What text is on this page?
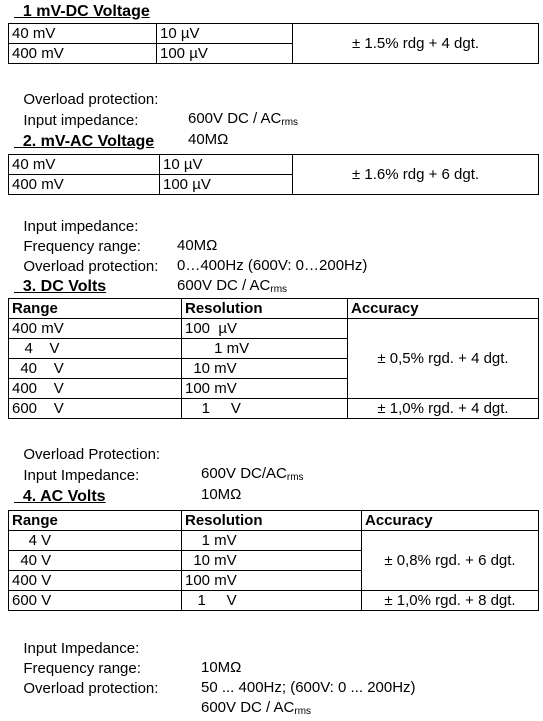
1 mV-DC Voltage
40 mV	10 µV	± 1.5% rdg + 4 dgt.
400 mV	100 µV	

Overload protection:

600V DC / $AC_{rms}$

Input impedance:

40MΩ

2. mV-AC Voltage
40 mV	10 µV	± 1.6% rdg + 6 dgt.
400 mV	100 µV	

Input impedance:

40MΩ

Frequency range:

0…400Hz (600V: 0…200Hz)

Overload protection:

600V DC / $AC_{rms}$

3. DC Volts
Range	Resolution	Accuracy
400 mV	100  µV	± 0,5% rgd. + 4 dgt.
4    V	1 mV	
40    V	10 mV	
400    V	100 mV	
600    V	1     V	± 1,0% rgd. + 4 dgt.

Overload Protection:

600V $DC/AC_{rms}$

Input Impedance:

10MΩ

4. AC Volts
Range	Resolution	Accuracy
4 V	1 mV	± 0,8% rgd. + 6 dgt.
40 V	10 mV	
400 V	100 mV	
600 V	1     V	± 1,0% rgd. + 8 dgt.

Input Impedance:

10MΩ

Frequency range:

50 ... 400Hz; (600V: 0 ... 200Hz)

Overload protection:

600V DC / $AC_{rms}$
